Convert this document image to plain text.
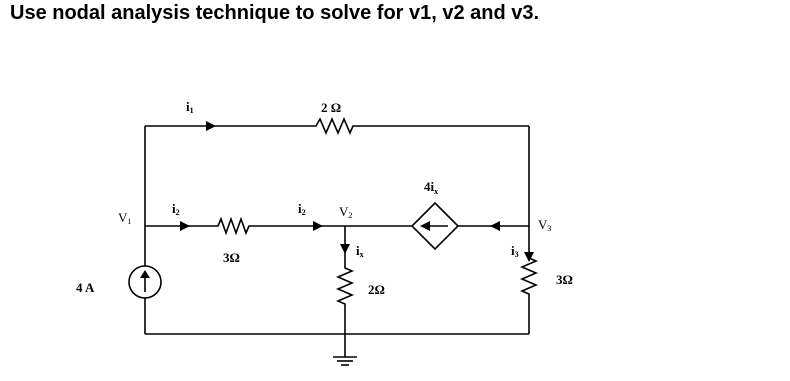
Use nodal analysis technique to solve for v1, v2 and v3.
2 Ω
3Ω
2Ω
3Ω
4 A
$4i_x$
V1
V2
V3
i1
i2	i2
i3
ix
